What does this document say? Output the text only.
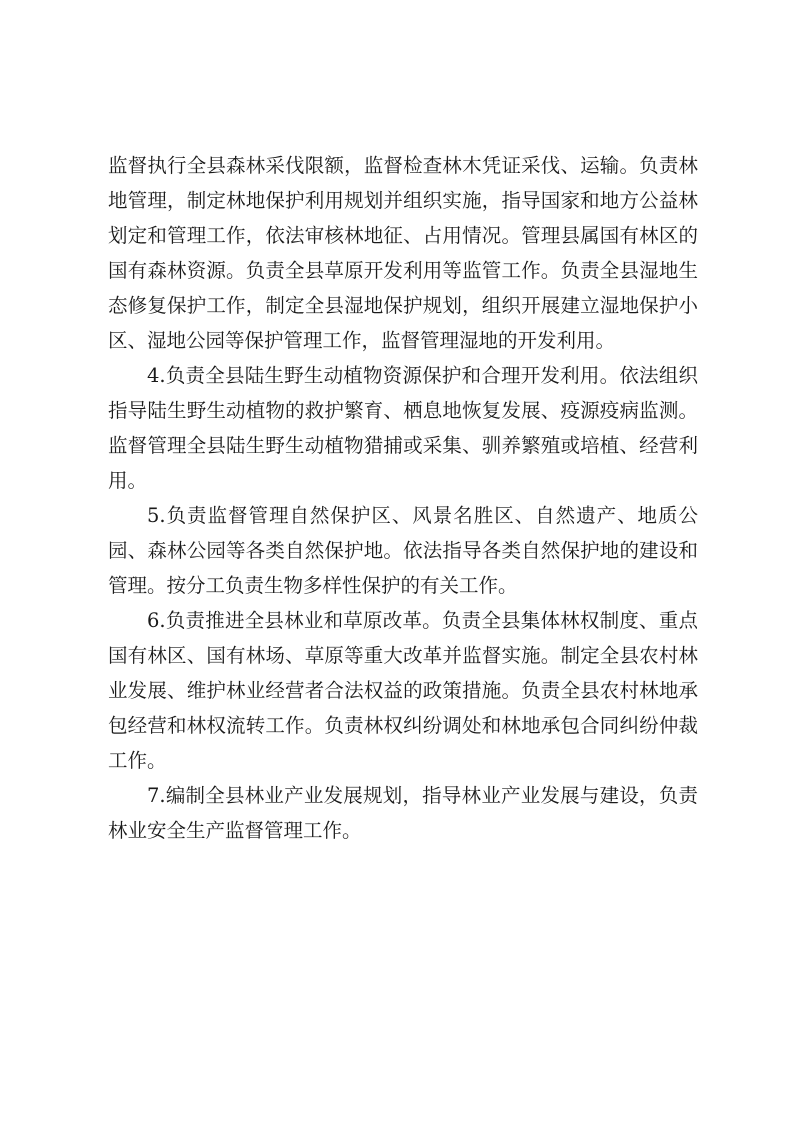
监督执行全县森林采伐限额，监督检查林木凭证采伐、运输。负责林地管理，制定林地保护利用规划并组织实施，指导国家和地方公益林划定和管理工作，依法审核林地征、占用情况。管理县属国有林区的国有森林资源。负责全县草原开发利用等监管工作。负责全县湿地生态修复保护工作，制定全县湿地保护规划，组织开展建立湿地保护小区、湿地公园等保护管理工作，监督管理湿地的开发利用。

4.负责全县陆生野生动植物资源保护和合理开发利用。依法组织指导陆生野生动植物的救护繁育、栖息地恢复发展、疫源疫病监测。监督管理全县陆生野生动植物猎捕或采集、驯养繁殖或培植、经营利用。

5.负责监督管理自然保护区、风景名胜区、自然遗产、地质公园、森林公园等各类自然保护地。依法指导各类自然保护地的建设和管理。按分工负责生物多样性保护的有关工作。

6.负责推进全县林业和草原改革。负责全县集体林权制度、重点国有林区、国有林场、草原等重大改革并监督实施。制定全县农村林业发展、维护林业经营者合法权益的政策措施。负责全县农村林地承包经营和林权流转工作。负责林权纠纷调处和林地承包合同纠纷仲裁工作。

7.编制全县林业产业发展规划，指导林业产业发展与建设，负责林业安全生产监督管理工作。
